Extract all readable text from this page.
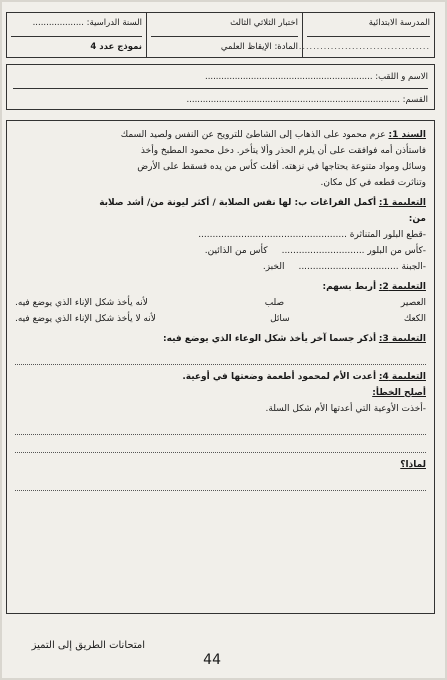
المدرسة الابتدائية
........................................
اختبار الثلاثي الثالث
المادة: الإيقاظ العلمي
السنة الدراسية: ...................
نموذج عدد 4
الاسم و اللقب: ..............................................................
القسم: ...............................................................................
السند 1: عزم محمود على الذهاب إلى الشاطئ للترويح عن النفس ولصيد السمك
فاستأذن أمه فوافقت على أن يلزم الحذر وألا يتأخر. دخل محمود المطبخ وأخذ
وسائل ومواد متنوعة يحتاجها في نزهته. أفلت كأس من يده فسقط على الأرض
وتناثرت قطعه في كل مكان.
التعليمة 1: أكمل الفراغات ب: لها نفس الصلابة / أكثر ليونة من/ أشد صلابة
من:
-قطع البلور المتناثرة ....................................................
-كأس من البلور .............................
كأس من الذائين.
-الجبنة ...................................
الخبز.
التعليمة 2: أربط بسهم:
العصير
صلب
لأنه يأخذ شكل الإناء الذي يوضع فيه.
الكعك
سائل
لأنه لا يأخذ شكل الإناء الذي يوضع فيه.
التعليمة 3: أذكر جسما آخر يأخذ شكل الوعاء الذي يوضع فيه:
التعليمة 4: أعدت الأم لمحمود أطعمة وضعتها في أوعية.
أصلح الخطأ:
-أخذت الأوعية التي أعدتها الأم شكل السلة.
لماذا؟
امتحانات الطريق إلى التميز
44
